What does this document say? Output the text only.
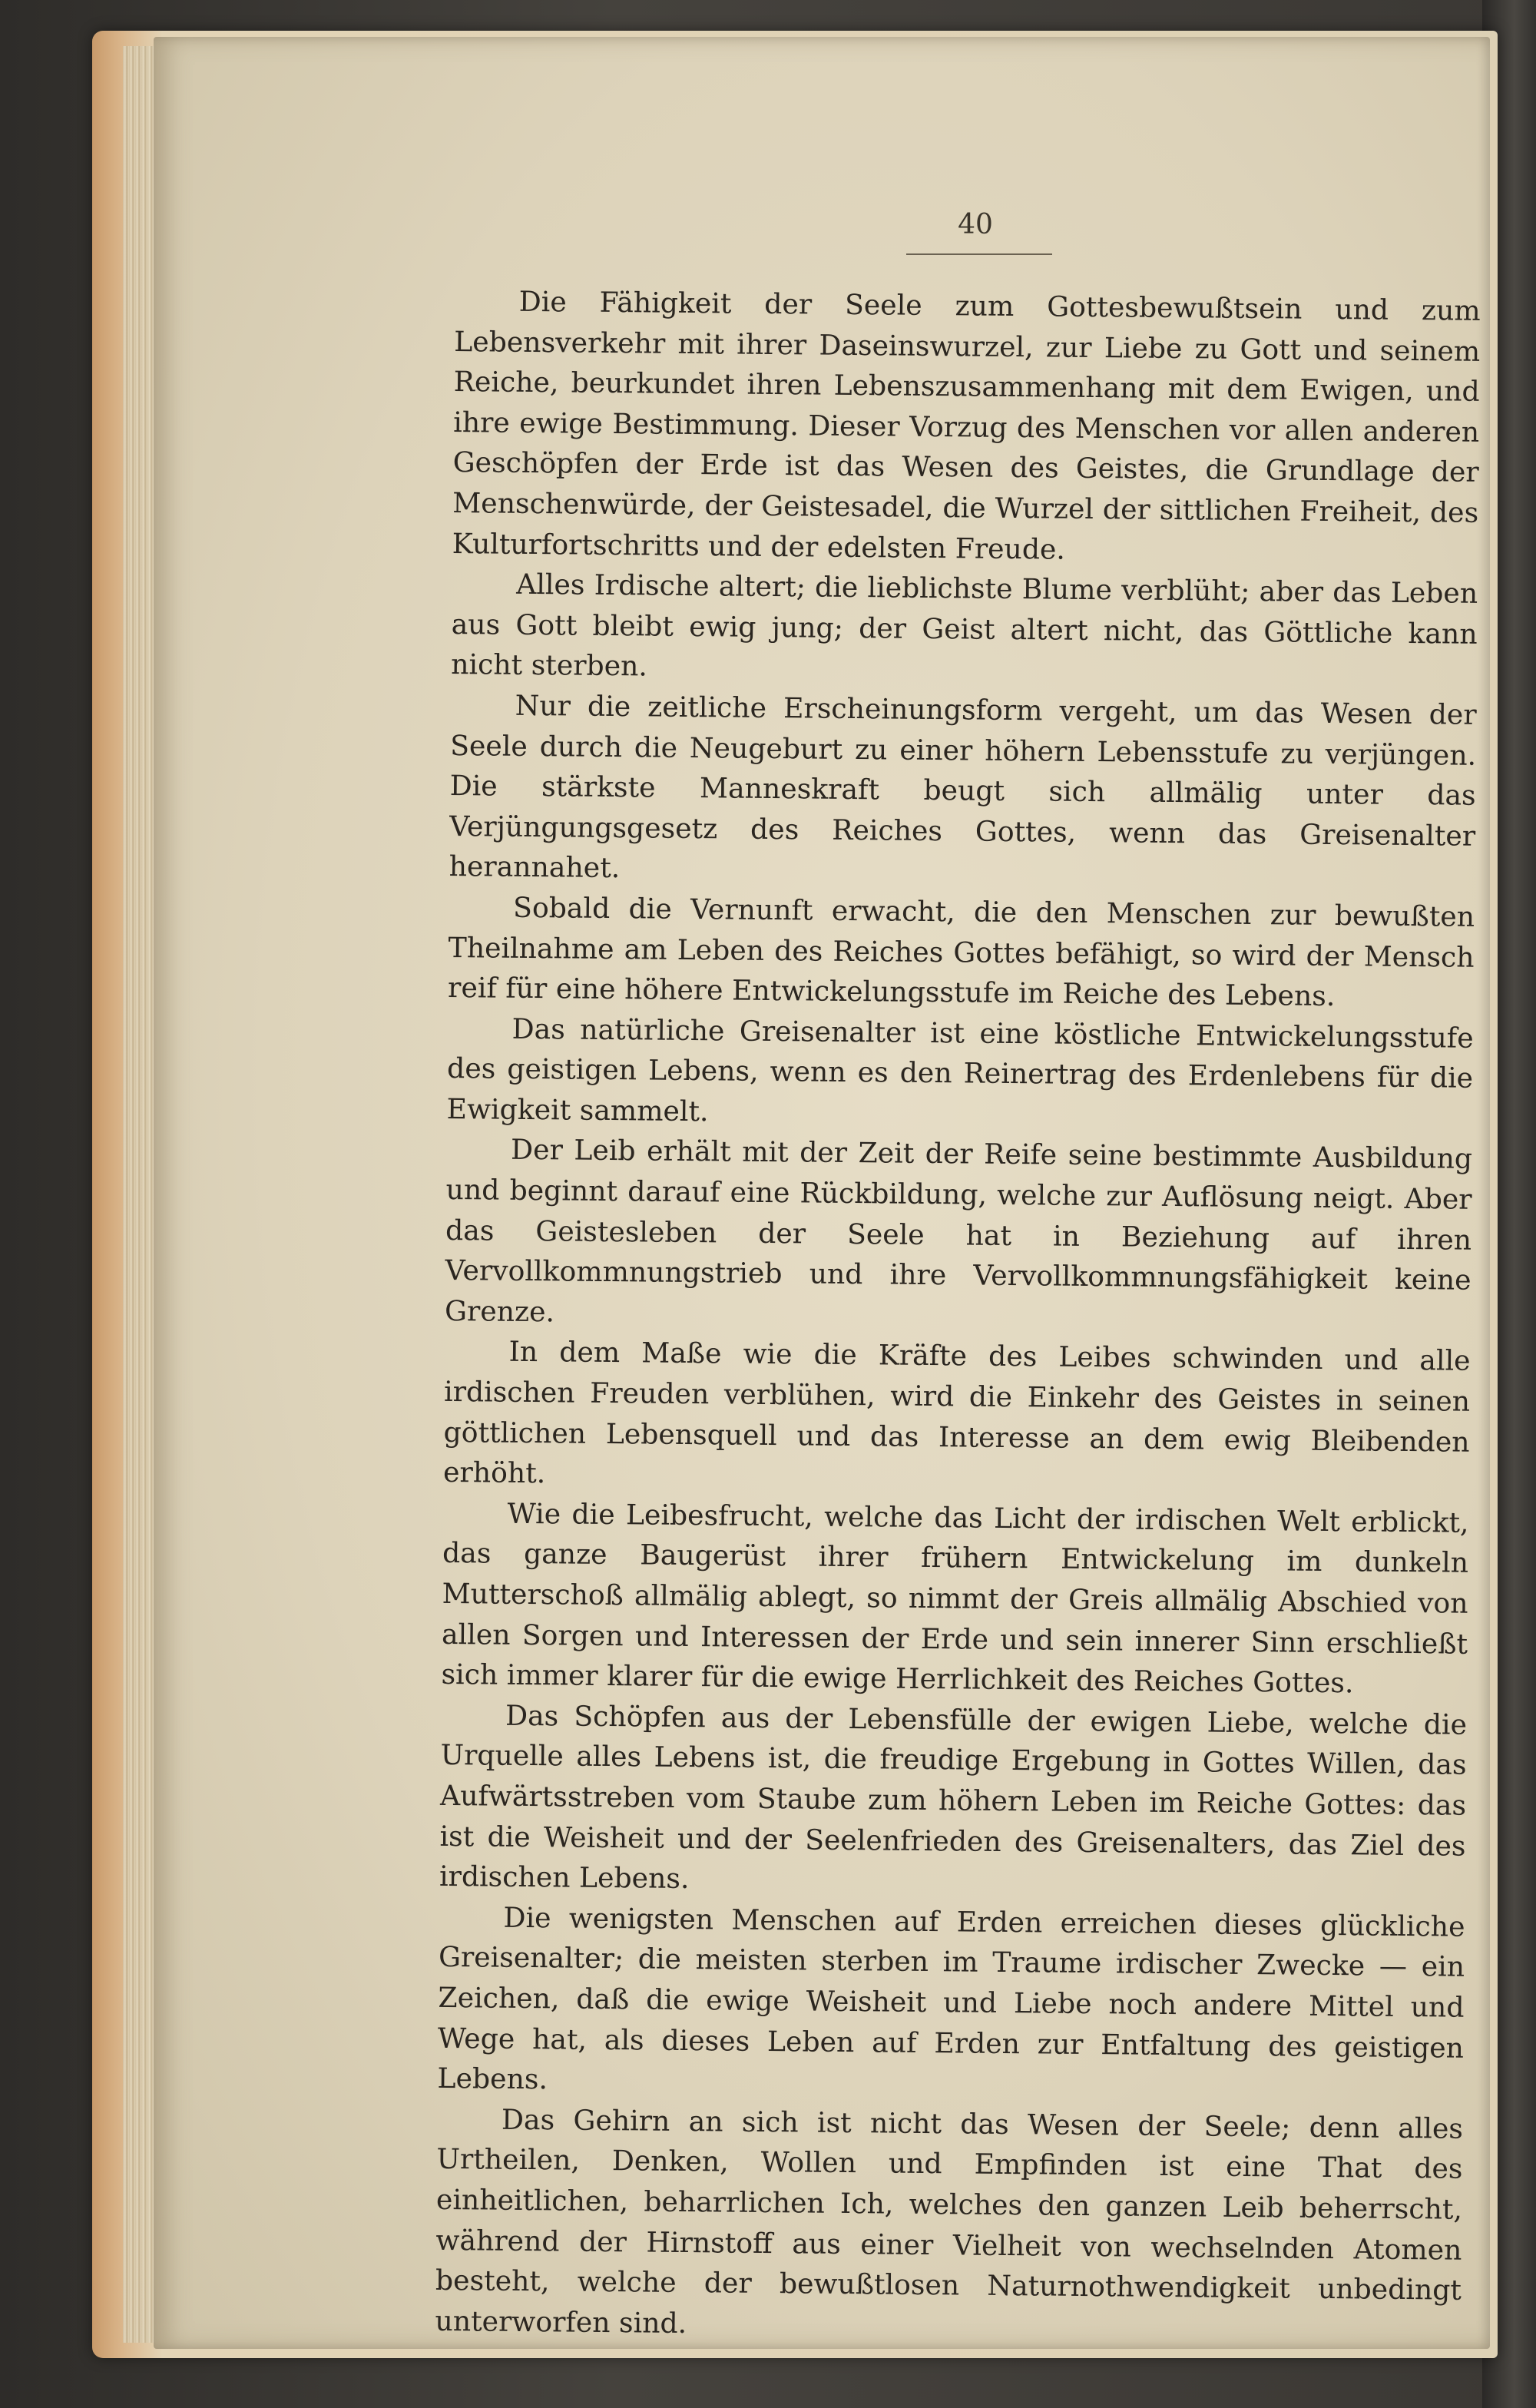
40

Die Fähigkeit der Seele zum Gottesbewußtsein und zum Lebensverkehr mit ihrer Daseinswurzel, zur Liebe zu Gott und seinem Reiche, beurkundet ihren Lebenszusammenhang mit dem Ewigen, und ihre ewige Bestimmung. Dieser Vorzug des Menschen vor allen anderen Geschöpfen der Erde ist das Wesen des Geistes, die Grundlage der Menschenwürde, der Geistesadel, die Wurzel der sittlichen Freiheit, des Kulturfortschritts und der edelsten Freude.

Alles Irdische altert; die lieblichste Blume verblüht; aber das Leben aus Gott bleibt ewig jung; der Geist altert nicht, das Göttliche kann nicht sterben.

Nur die zeitliche Erscheinungsform vergeht, um das Wesen der Seele durch die Neugeburt zu einer höhern Lebensstufe zu verjüngen. Die stärkste Manneskraft beugt sich allmälig unter das Verjüngungsgesetz des Reiches Gottes, wenn das Greisenalter herannahet.

Sobald die Vernunft erwacht, die den Menschen zur bewußten Theilnahme am Leben des Reiches Gottes befähigt, so wird der Mensch reif für eine höhere Entwickelungsstufe im Reiche des Lebens.

Das natürliche Greisenalter ist eine köstliche Entwickelungsstufe des geistigen Lebens, wenn es den Reinertrag des Erdenlebens für die Ewigkeit sammelt.

Der Leib erhält mit der Zeit der Reife seine bestimmte Ausbildung und beginnt darauf eine Rückbildung, welche zur Auflösung neigt. Aber das Geistesleben der Seele hat in Beziehung auf ihren Vervollkommnungstrieb und ihre Vervollkommnungsfähigkeit keine Grenze.

In dem Maße wie die Kräfte des Leibes schwinden und alle irdischen Freuden verblühen, wird die Einkehr des Geistes in seinen göttlichen Lebensquell und das Interesse an dem ewig Bleibenden erhöht.

Wie die Leibesfrucht, welche das Licht der irdischen Welt erblickt, das ganze Baugerüst ihrer frühern Entwickelung im dunkeln Mutterschoß allmälig ablegt, so nimmt der Greis allmälig Abschied von allen Sorgen und Interessen der Erde und sein innerer Sinn erschließt sich immer klarer für die ewige Herrlichkeit des Reiches Gottes.

Das Schöpfen aus der Lebensfülle der ewigen Liebe, welche die Urquelle alles Lebens ist, die freudige Ergebung in Gottes Willen, das Aufwärtsstreben vom Staube zum höhern Leben im Reiche Gottes: das ist die Weisheit und der Seelenfrieden des Greisenalters, das Ziel des irdischen Lebens.

Die wenigsten Menschen auf Erden erreichen dieses glückliche Greisenalter; die meisten sterben im Traume irdischer Zwecke — ein Zeichen, daß die ewige Weisheit und Liebe noch andere Mittel und Wege hat, als dieses Leben auf Erden zur Entfaltung des geistigen Lebens.

Das Gehirn an sich ist nicht das Wesen der Seele; denn alles Urtheilen, Denken, Wollen und Empfinden ist eine That des einheitlichen, beharrlichen Ich, welches den ganzen Leib beherrscht, während der Hirnstoff aus einer Vielheit von wechselnden Atomen besteht, welche der bewußtlosen Naturnothwendigkeit unbedingt unterworfen sind.
